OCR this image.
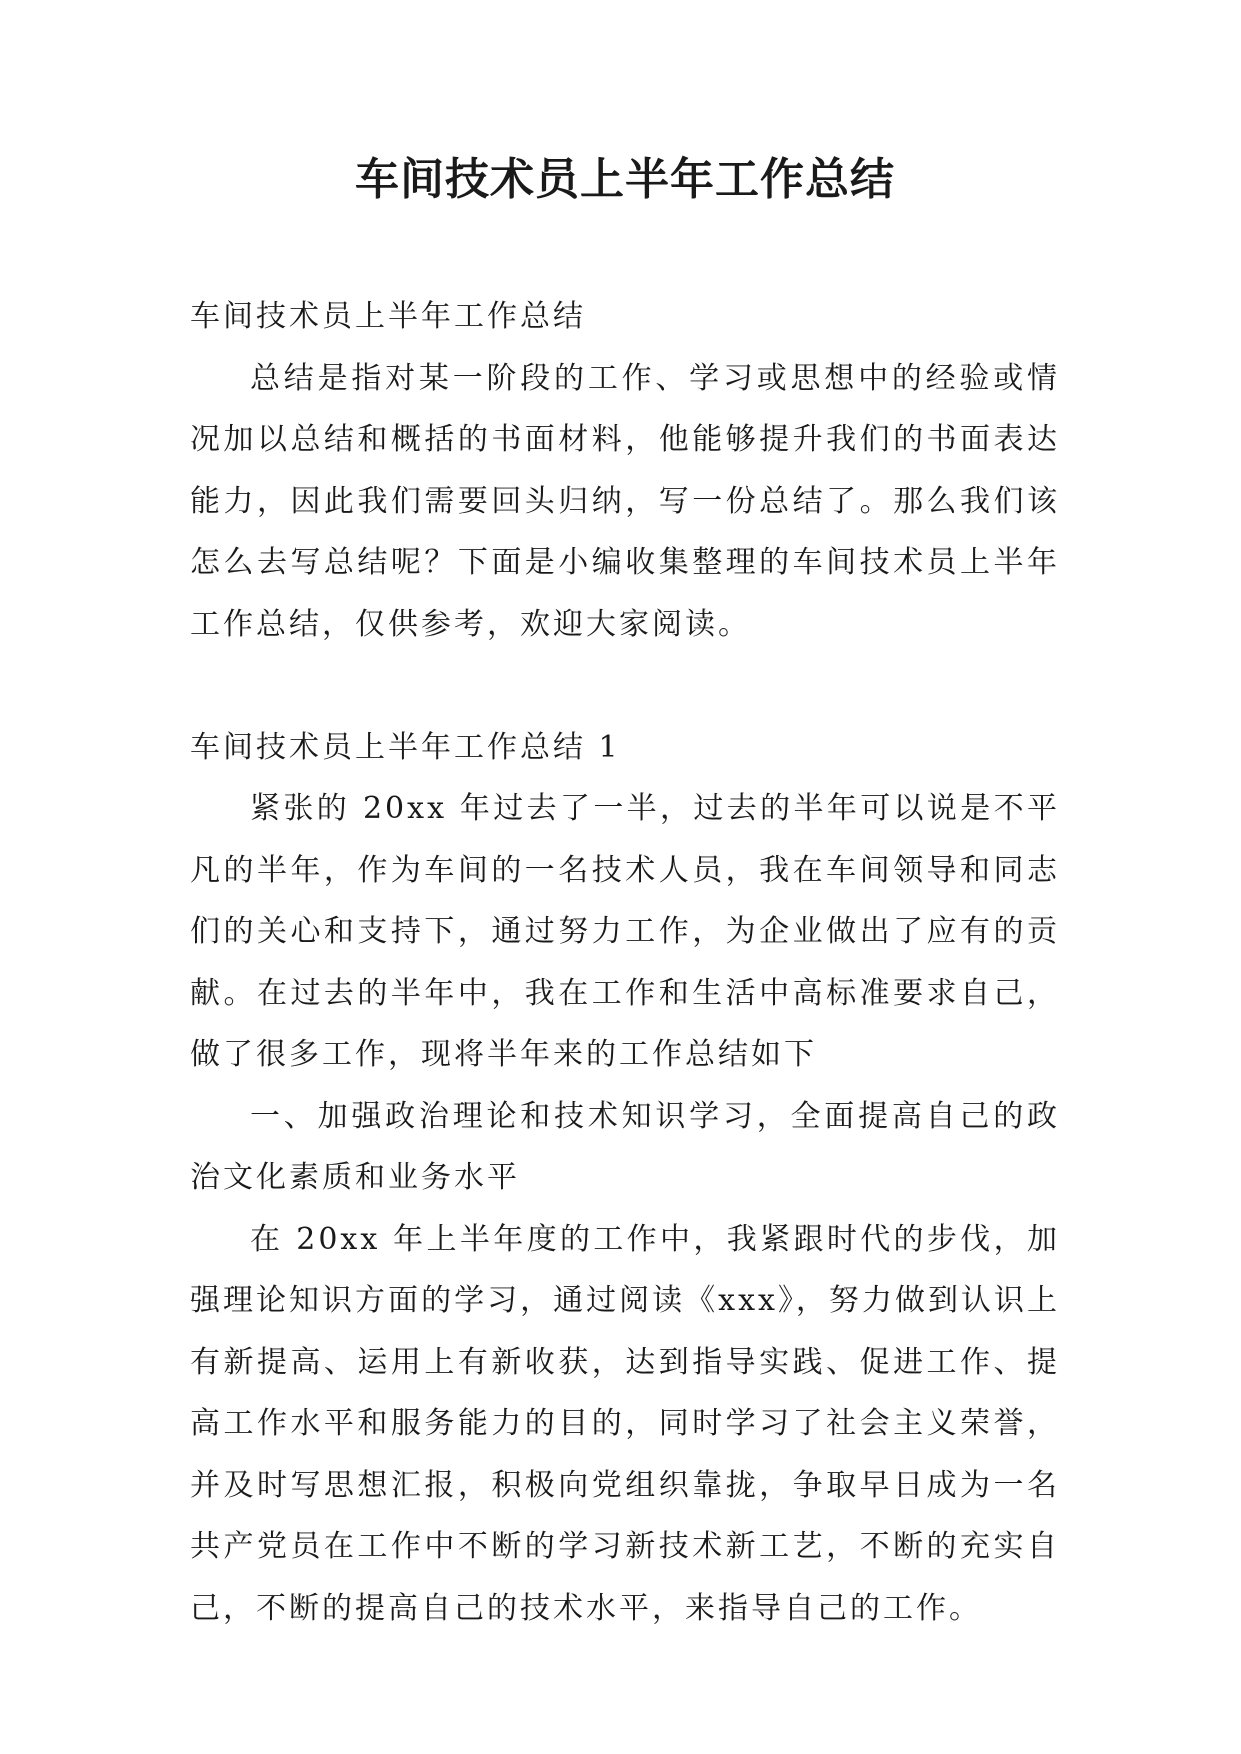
车间技术员上半年工作总结

车间技术员上半年工作总结

总结是指对某一阶段的工作、学习或思想中的经验或情况加以总结和概括的书面材料，他能够提升我们的书面表达能力，因此我们需要回头归纳，写一份总结了。那么我们该怎么去写总结呢？下面是小编收集整理的车间技术员上半年工作总结，仅供参考，欢迎大家阅读。

车间技术员上半年工作总结 1

紧张的 20xx 年过去了一半，过去的半年可以说是不平凡的半年，作为车间的一名技术人员，我在车间领导和同志们的关心和支持下，通过努力工作，为企业做出了应有的贡献。在过去的半年中，我在工作和生活中高标准要求自己，做了很多工作，现将半年来的工作总结如下

一、加强政治理论和技术知识学习，全面提高自己的政治文化素质和业务水平

在 20xx 年上半年度的工作中，我紧跟时代的步伐，加强理论知识方面的学习，通过阅读《xxx》，努力做到认识上有新提高、运用上有新收获，达到指导实践、促进工作、提高工作水平和服务能力的目的，同时学习了社会主义荣誉，并及时写思想汇报，积极向党组织靠拢，争取早日成为一名共产党员在工作中不断的学习新技术新工艺，不断的充实自己，不断的提高自己的技术水平，来指导自己的工作。
